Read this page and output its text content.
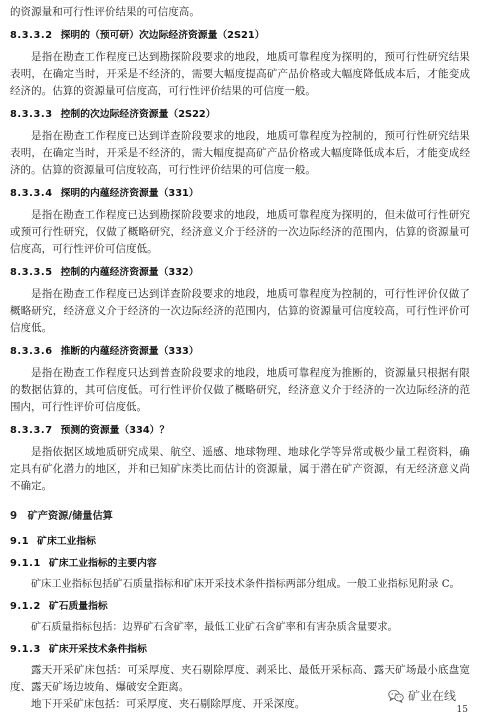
的资源量和可行性评价结果的可信度高。

8.3.3.2 探明的（预可研）次边际经济资源量（2S21）

是指在勘查工作程度已达到勘探阶段要求的地段，地质可靠程度为探明的，预可行性研究结果表明，在确定当时，开采是不经济的，需要大幅度提高矿产品价格或大幅度降低成本后，才能变成经济的。估算的资源量可信度高，可行性评价结果的可信度一般。

8.3.3.3 控制的次边际经济资源量（2S22）

是指在勘查工作程度已达到详查阶段要求的地段，地质可靠程度为控制的，预可行性研究结果表明，在确定当时，开采是不经济的，需大幅度提高矿产品价格或大幅度降低成本后，才能变成经济的。估算的资源量可信度较高，可行性评价结果的可信度一般。

8.3.3.4 探明的内蕴经济资源量（331）

是指在勘查工作程度已达到勘探阶段要求的地段，地质可靠程度为探明的，但未做可行性研究或预可行性研究，仅做了概略研究，经济意义介于经济的一次边际经济的范围内，估算的资源量可信度高，可行性评价可信度低。

8.3.3.5 控制的内蕴经济资源量（332）

是指在勘查工作程度已达到详查阶段要求的地段，地质可靠程度为控制的，可行性评价仅做了概略研究，经济意义介于经济的一次边际经济的范围内，估算的资源量可信度较高，可行性评价可信度低。

8.3.3.6 推断的内蕴经济资源量（333）

是指在勘查工作程度只达到普查阶段要求的地段，地质可靠程度为推断的，资源量只根据有限的数据估算的，其可信度低。可行性评价仅做了概略研究，经济意义介于经济的一次边际经济的范围内，可行性评价可信度低。

8.3.3.7 预测的资源量（334）？

是指依据区域地质研究成果、航空、遥感、地球物理、地球化学等异常或极少量工程资料，确定具有矿化潜力的地区，并和已知矿床类比而估计的资源量，属于潜在矿产资源，有无经济意义尚不确定。

9 矿产资源/储量估算
9.1 矿床工业指标
9.1.1 矿床工业指标的主要内容

矿床工业指标包括矿石质量指标和矿床开采技术条件指标两部分组成。一般工业指标见附录 C。

9.1.2 矿石质量指标

矿石质量指标包括：边界矿石含矿率，最低工业矿石含矿率和有害杂质含量要求。

9.1.3 矿床开采技术条件指标

露天开采矿床包括：可采厚度、夹石剔除厚度、剥采比、最低开采标高、露天矿场最小底盘宽度、露天矿场边坡角、爆破安全距离。

地下开采矿床包括：可采厚度、夹石剔除厚度、开采深度。

矿业在线
15
